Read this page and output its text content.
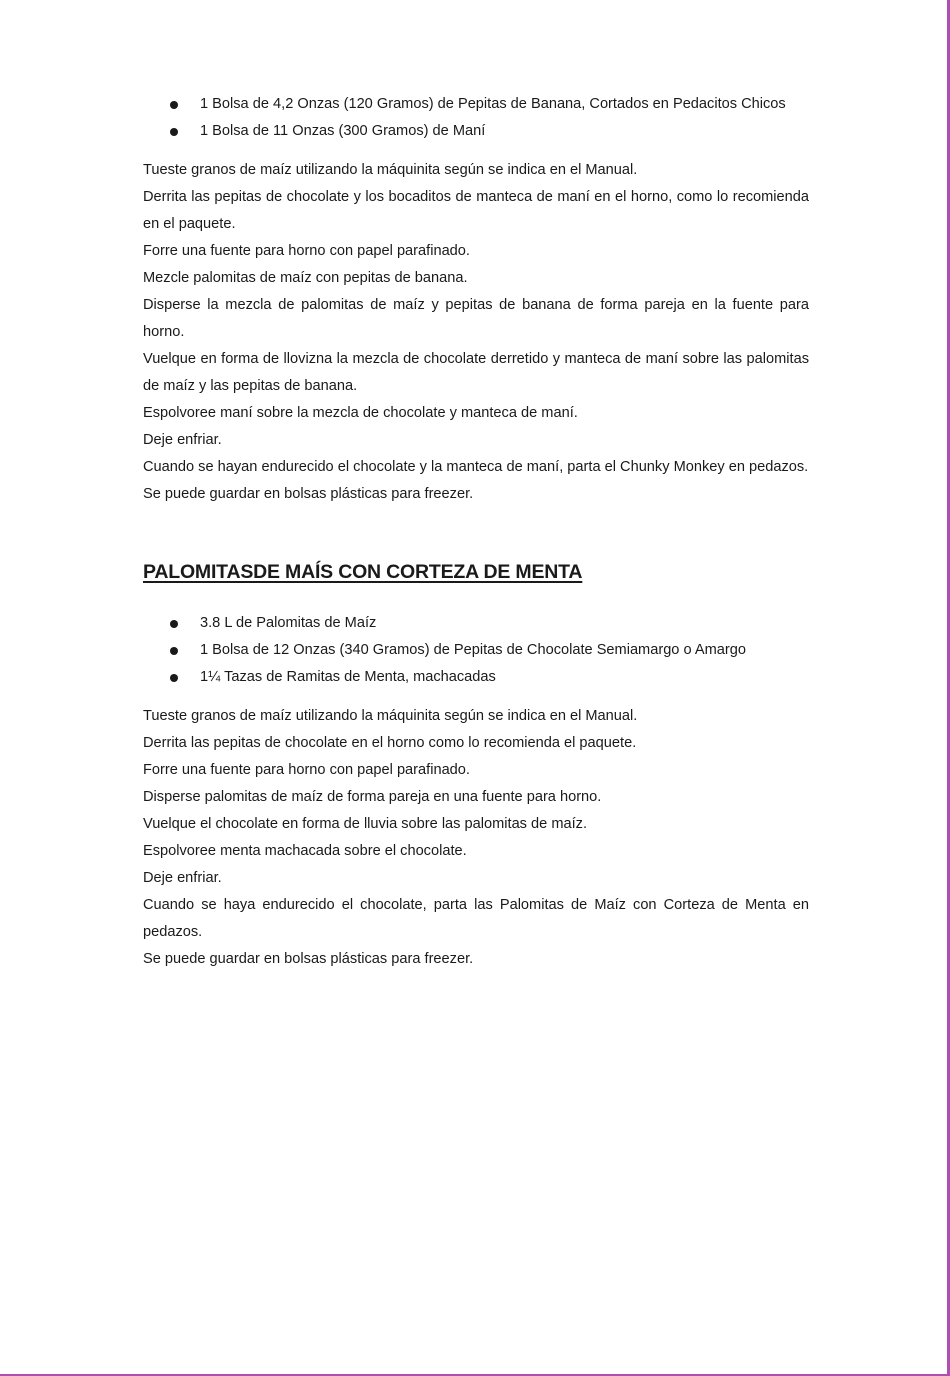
1 Bolsa de 4,2 Onzas (120 Gramos) de Pepitas de Banana, Cortados en Pedacitos Chicos
1 Bolsa de 11 Onzas (300 Gramos) de Maní

Tueste granos de maíz utilizando la máquinita según se indica en el Manual.

Derrita las pepitas de chocolate y los bocaditos de manteca de maní en el horno, como lo recomienda en el paquete.

Forre una fuente para horno con papel parafinado.

Mezcle palomitas de maíz con pepitas de banana.

Disperse la mezcla de palomitas de maíz y pepitas de banana de forma pareja en la fuente para horno.

Vuelque en forma de llovizna la mezcla de chocolate derretido y manteca de maní sobre las palomitas de maíz y las pepitas de banana.

Espolvoree maní sobre la mezcla de chocolate y manteca de maní.

Deje enfriar.

Cuando se hayan endurecido el chocolate y la manteca de maní, parta el Chunky Monkey en pedazos.

Se puede guardar en bolsas plásticas para freezer.

PALOMITASDE MAÍS CON CORTEZA DE MENTA
3.8 L de Palomitas de Maíz
1 Bolsa de 12 Onzas (340 Gramos) de Pepitas de Chocolate Semiamargo o Amargo
1¼ Tazas de Ramitas de Menta, machacadas

Tueste granos de maíz utilizando la máquinita según se indica en el Manual.

Derrita las pepitas de chocolate en el horno como lo recomienda el paquete.

Forre una fuente para horno con papel parafinado.

Disperse palomitas de maíz de forma pareja en una fuente para horno.

Vuelque el chocolate en forma de lluvia sobre las palomitas de maíz.

Espolvoree menta machacada sobre el chocolate.

Deje enfriar.

Cuando se haya endurecido el chocolate, parta las Palomitas de Maíz con Corteza de Menta en pedazos.

Se puede guardar en bolsas plásticas para freezer.
